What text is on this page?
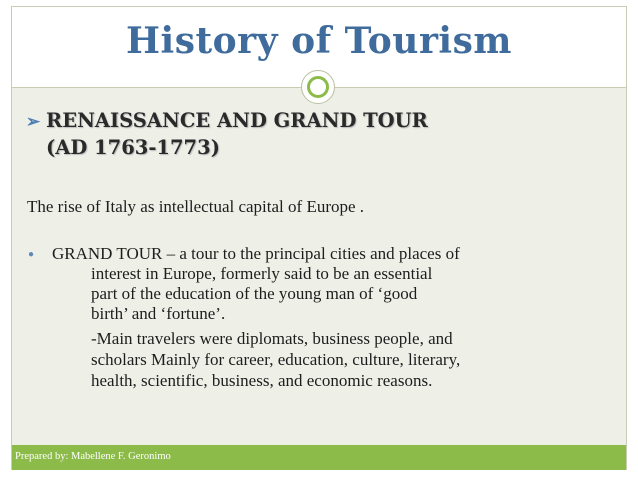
History of Tourism
➢ RENAISSANCE AND GRAND TOUR
(AD 1763-1773)
The rise of Italy as intellectual capital of Europe .
● GRAND TOUR – a tour to the principal cities and places of
interest in Europe, formerly said to be an essential
part of the education of the young man of ‘good
birth’ and ‘fortune’.
-Main travelers were diplomats, business people, and
scholars Mainly for career, education, culture, literary,
health, scientific, business, and economic reasons.
Prepared by: Mabellene F. Geronimo
